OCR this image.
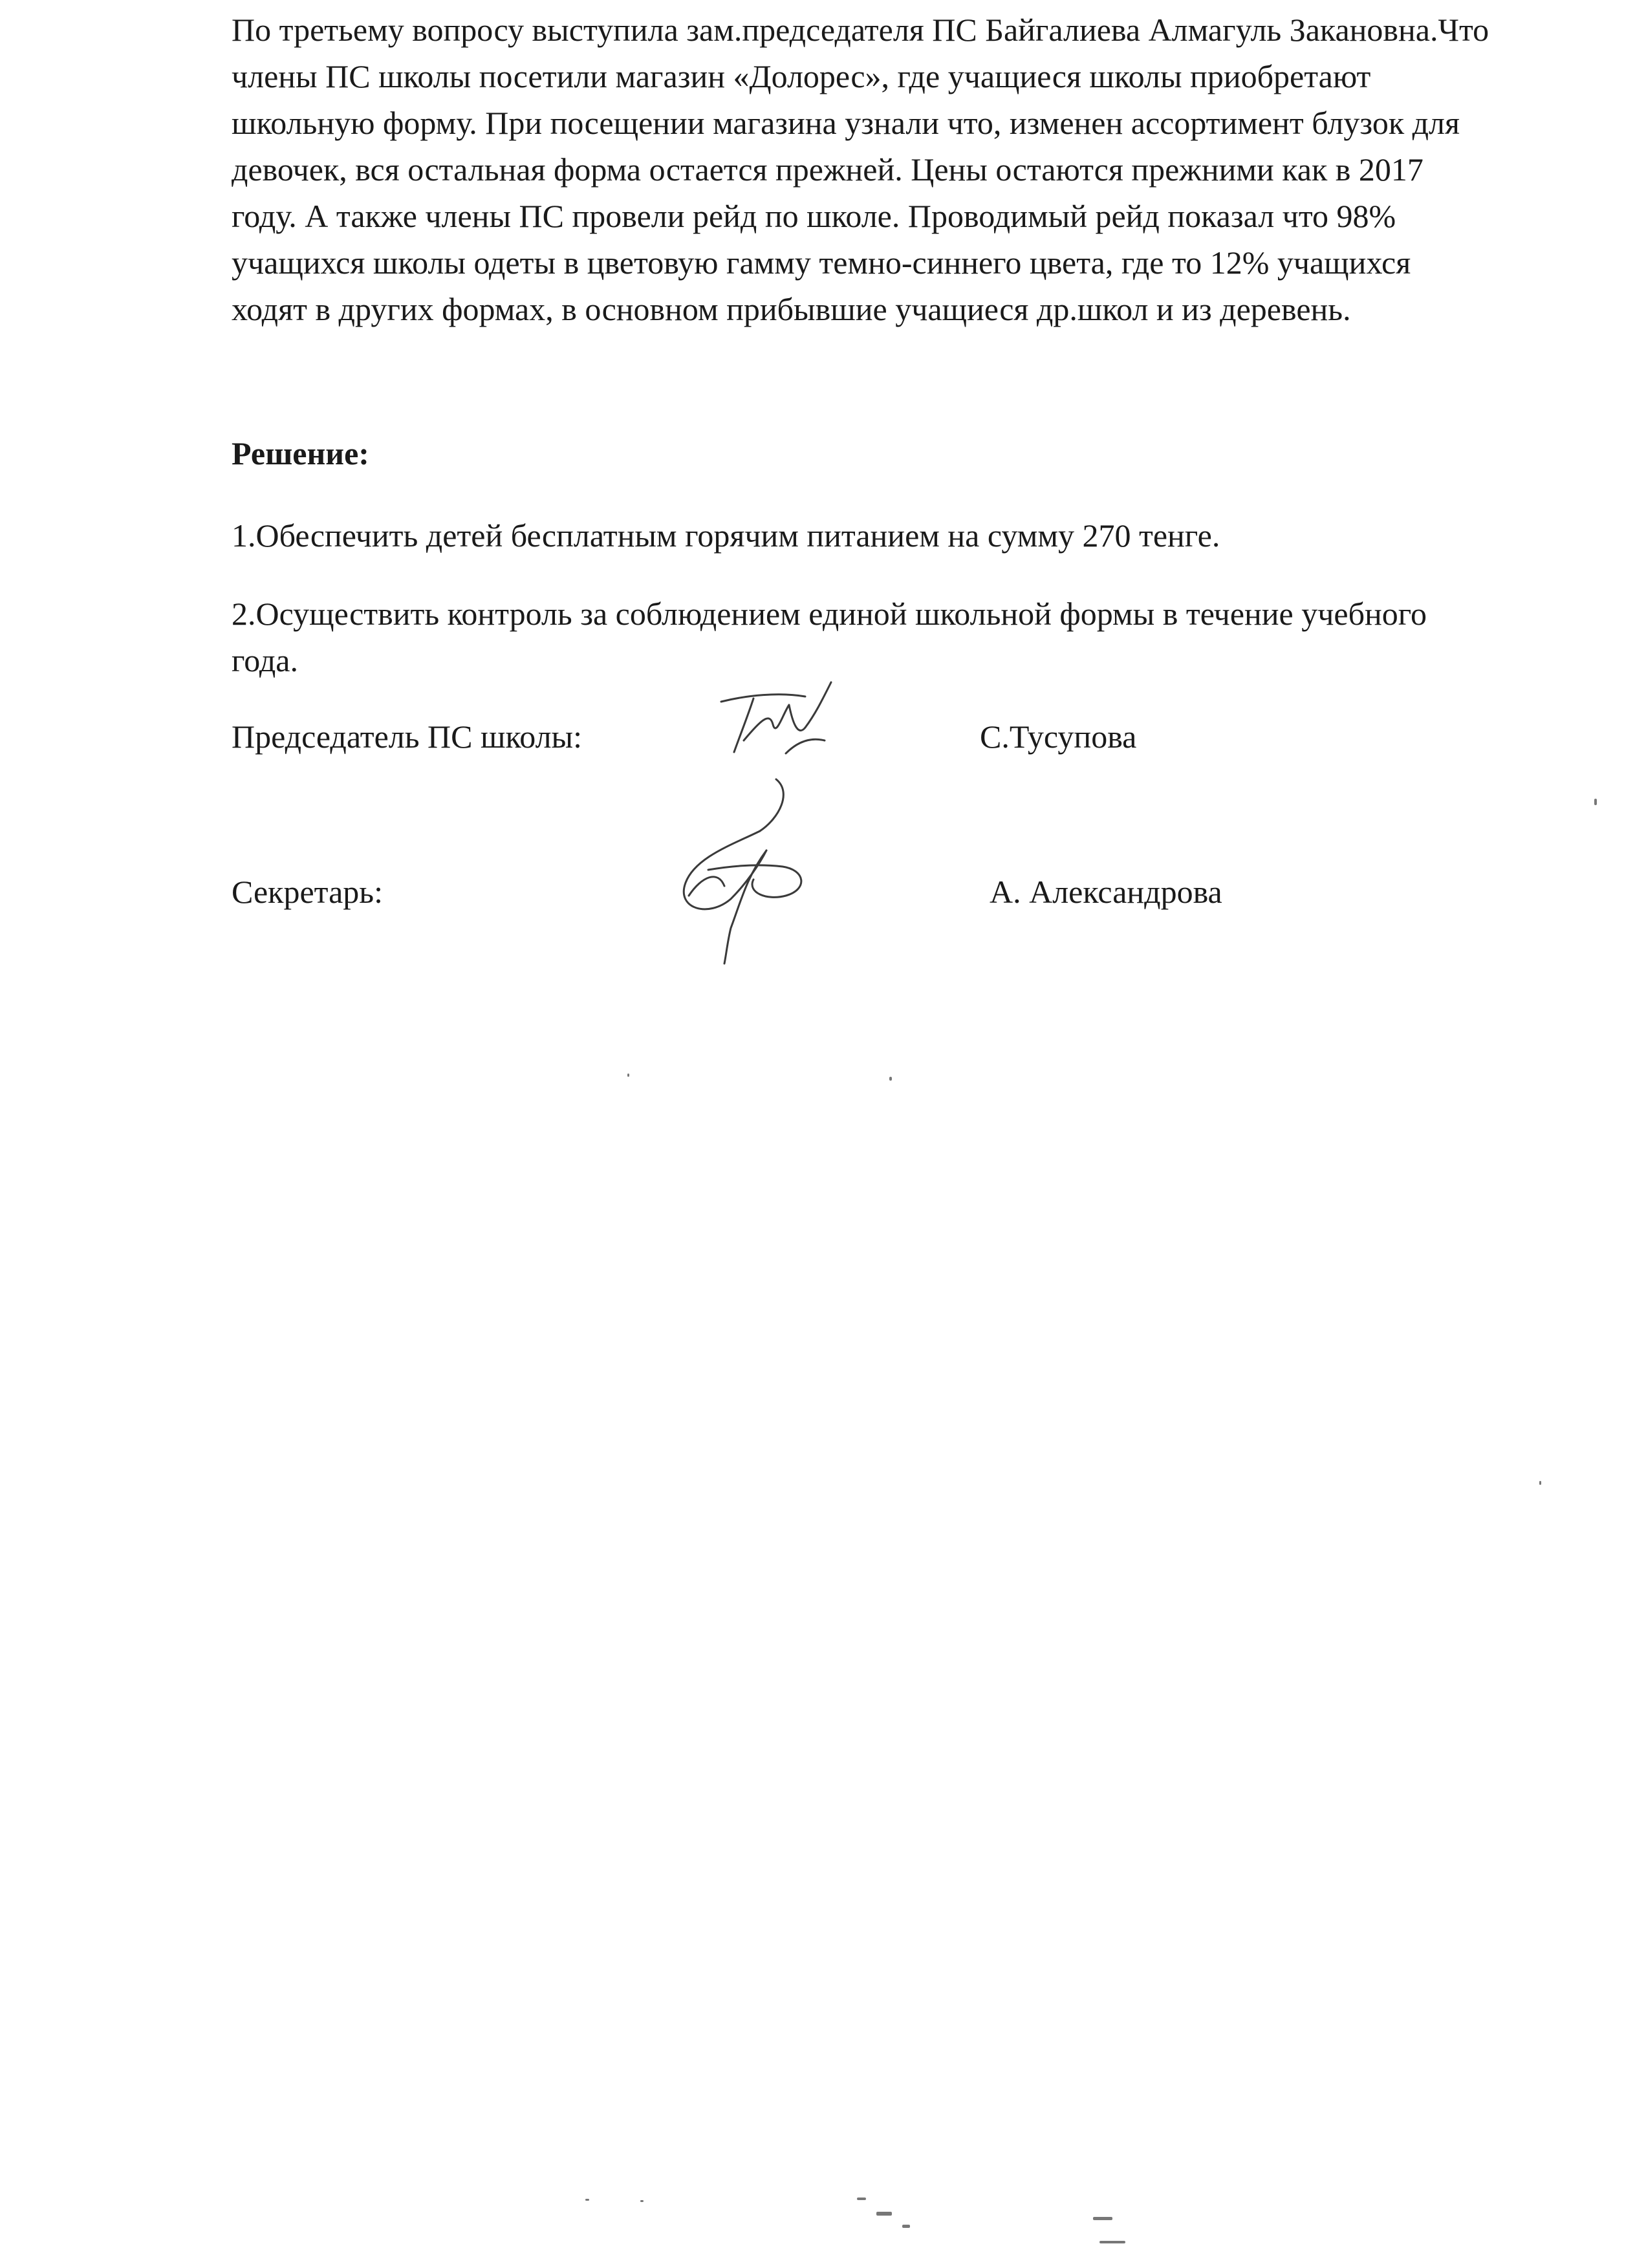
По третьему вопросу выступила зам.председателя ПС Байгалиева Алмагуль Закановна.Что члены ПС школы посетили магазин «Долорес», где учащиеся школы приобретают школьную форму. При посещении магазина узнали что, изменен ассортимент блузок для девочек, вся остальная форма остается прежней. Цены остаются прежними как в 2017 году. А также члены ПС провели рейд по школе. Проводимый рейд показал что 98% учащихся школы одеты в цветовую гамму темно-синнего цвета, где то 12% учащихся ходят в других формах, в основном прибывшие учащиеся др.школ и из деревень.

Решение:

1.Обеспечить детей бесплатным горячим питанием на сумму 270 тенге.

2.Осуществить контроль за соблюдением единой школьной формы в течение учебного года.

Председатель ПС школы:	С.Тусупова

Секретарь:	А. Александрова
